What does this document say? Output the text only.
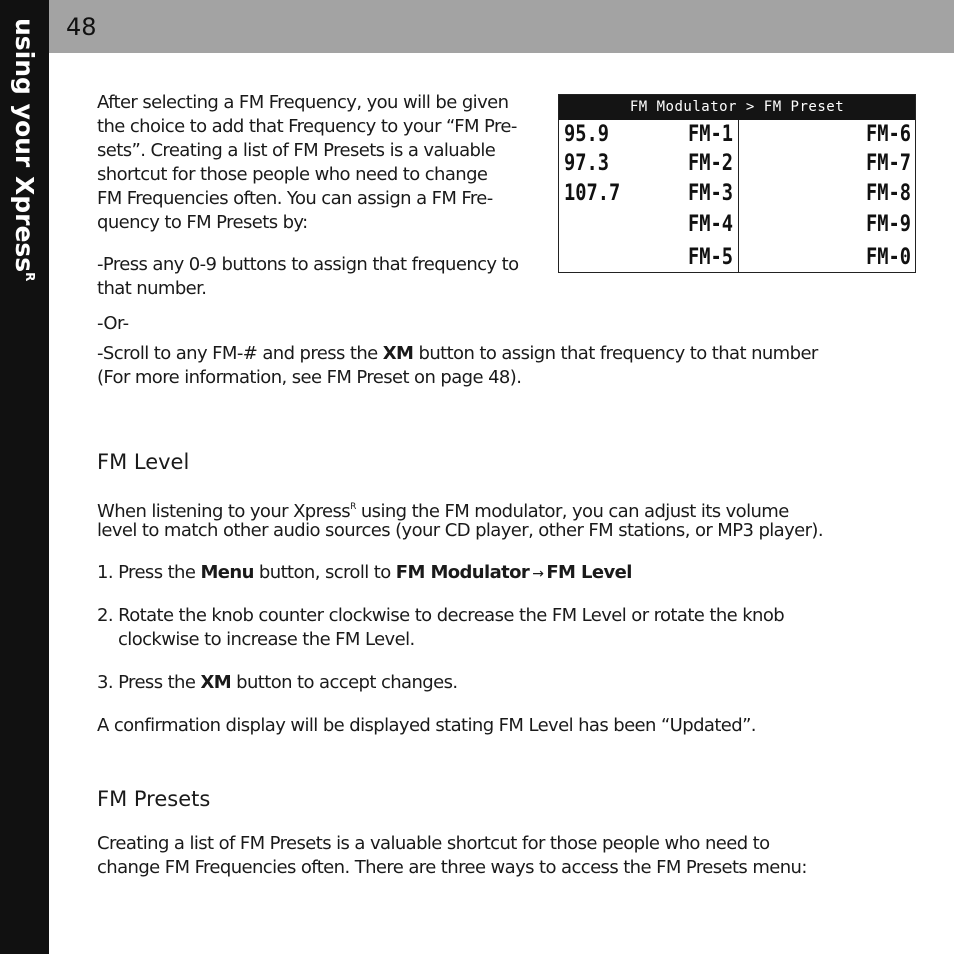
using your Xpress$^R$
48

After selecting a FM Frequency, you will be given

the choice to add that Frequency to your “FM Pre-

sets”. Creating a list of FM Presets is a valuable

shortcut for those people who need to change

FM Frequencies often. You can assign a FM Fre-

quency to FM Presets by:

-Press any 0-9 buttons to assign that frequency to

that number.

-Or-

-Scroll to any FM-# and press the XM button to assign that frequency to that number

(For more information, see FM Preset on page 48).

FM Modulator > FM Preset
95.9
97.3
107.7
FM-1
FM-2
FM-3
FM-4
FM-5
FM-6
FM-7
FM-8
FM-9
FM-0
FM Level

When listening to your Xpress$^R$ using the FM modulator, you can adjust its volume

level to match other audio sources (your CD player, other FM stations, or MP3 player).

1. Press the Menu button, scroll to FM Modulator → FM Level

2. Rotate the knob counter clockwise to decrease the FM Level or rotate the knob

clockwise to increase the FM Level.

3. Press the XM button to accept changes.

A confirmation display will be displayed stating FM Level has been “Updated”.

FM Presets

Creating a list of FM Presets is a valuable shortcut for those people who need to

change FM Frequencies often. There are three ways to access the FM Presets menu:
